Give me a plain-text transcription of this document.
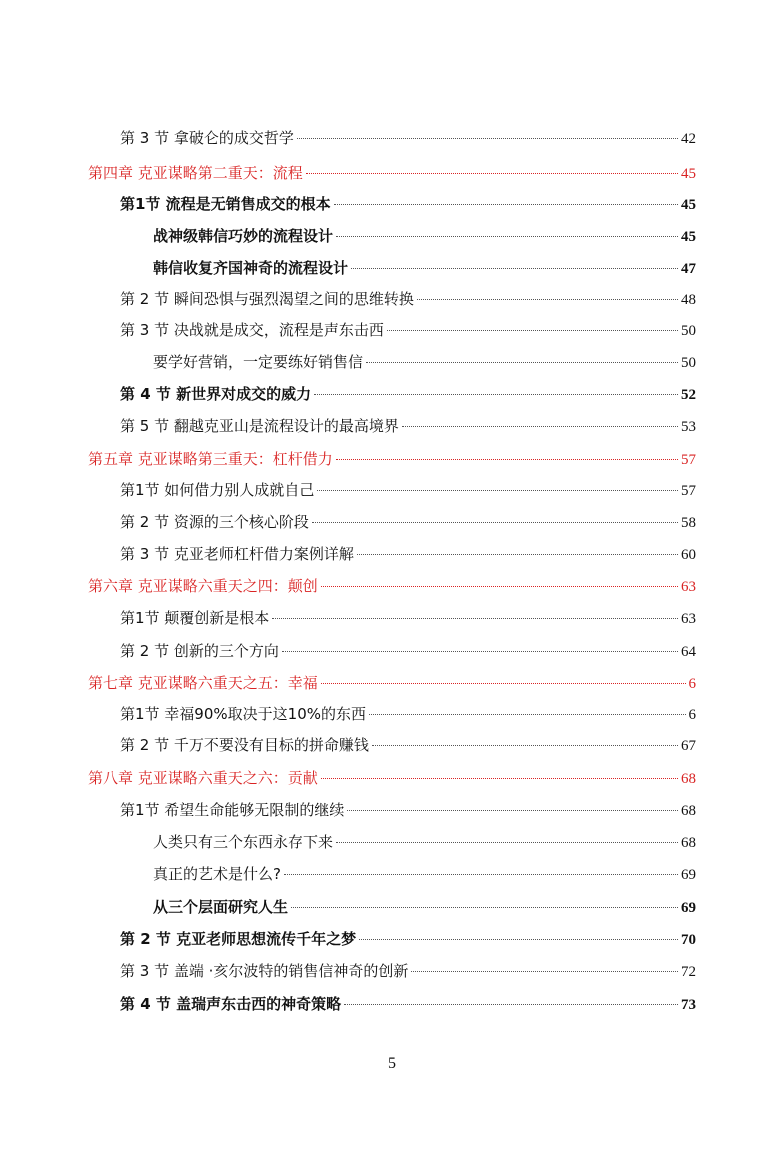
第 3 节 拿破仑的成交哲学	42
第四章 克亚谋略第二重天：流程	45
第1节 流程是无销售成交的根本	45
战神级韩信巧妙的流程设计	45
韩信收复齐国神奇的流程设计	47
第 2 节 瞬间恐惧与强烈渴望之间的思维转换	48
第 3 节 决战就是成交，流程是声东击西	50
要学好营销，一定要练好销售信	50
第 4 节 新世界对成交的威力	52
第 5 节 翻越克亚山是流程设计的最高境界	53
第五章 克亚谋略第三重天：杠杆借力	57
第1节 如何借力别人成就自己	57
第 2 节 资源的三个核心阶段	58
第 3 节 克亚老师杠杆借力案例详解	60
第六章 克亚谋略六重天之四：颠创	63
第1节 颠覆创新是根本	63
第 2 节 创新的三个方向	64
第七章 克亚谋略六重天之五：幸福	6
第1节 幸福90%取决于这10%的东西	6
第 2 节 千万不要没有目标的拼命赚钱	67
第八章 克亚谋略六重天之六：贡献	68
第1节 希望生命能够无限制的继续	68
人类只有三个东西永存下来	68
真正的艺术是什么?	69
从三个层面研究人生	69
第 2 节 克亚老师思想流传千年之梦	70
第 3 节 盖端 ·亥尔波特的销售信神奇的创新	72
第 4 节 盖瑞声东击西的神奇策略	73
5
